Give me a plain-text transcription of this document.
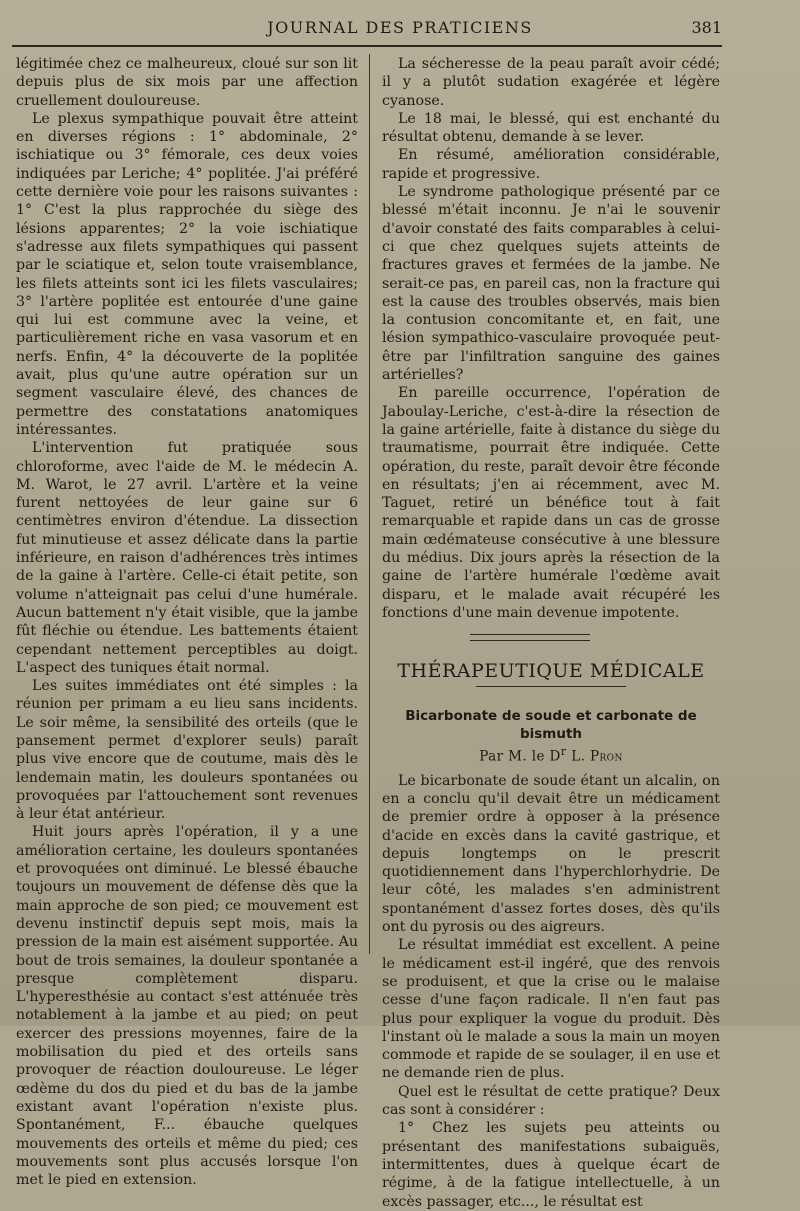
JOURNAL DES PRATICIENS	381

légitimée chez ce malheureux, cloué sur son lit depuis plus de six mois par une affection cruellement douloureuse.

Le plexus sympathique pouvait être atteint en diverses régions : 1° abdominale, 2° ischiatique ou 3° fémorale, ces deux voies indiquées par Leriche; 4° poplitée. J'ai préféré cette dernière voie pour les raisons suivantes : 1° C'est la plus rapprochée du siège des lésions apparentes; 2° la voie ischiatique s'adresse aux filets sympathiques qui passent par le sciatique et, selon toute vraisemblance, les filets atteints sont ici les filets vasculaires; 3° l'artère poplitée est entourée d'une gaine qui lui est commune avec la veine, et particulièrement riche en vasa vasorum et en nerfs. Enfin, 4° la découverte de la poplitée avait, plus qu'une autre opération sur un segment vasculaire élevé, des chances de permettre des constatations anatomiques intéressantes.

L'intervention fut pratiquée sous chloroforme, avec l'aide de M. le médecin A. M. Warot, le 27 avril. L'artère et la veine furent nettoyées de leur gaine sur 6 centimètres environ d'étendue. La dissection fut minutieuse et assez délicate dans la partie inférieure, en raison d'adhérences très intimes de la gaine à l'artère. Celle-ci était petite, son volume n'atteignait pas celui d'une humérale. Aucun battement n'y était visible, que la jambe fût fléchie ou étendue. Les battements étaient cependant nettement perceptibles au doigt. L'aspect des tuniques était normal.

Les suites immédiates ont été simples : la réunion per primam a eu lieu sans incidents. Le soir même, la sensibilité des orteils (que le pansement permet d'explorer seuls) paraît plus vive encore que de coutume, mais dès le lendemain matin, les douleurs spontanées ou provoquées par l'attouchement sont revenues à leur état antérieur.

Huit jours après l'opération, il y a une amélioration certaine, les douleurs spontanées et provoquées ont diminué. Le blessé ébauche toujours un mouvement de défense dès que la main approche de son pied; ce mouvement est devenu instinctif depuis sept mois, mais la pression de la main est aisément supportée. Au bout de trois semaines, la douleur spontanée a presque complètement disparu. L'hyperesthésie au contact s'est atténuée très notablement à la jambe et au pied; on peut exercer des pressions moyennes, faire de la mobilisation du pied et des orteils sans provoquer de réaction douloureuse. Le léger œdème du dos du pied et du bas de la jambe existant avant l'opération n'existe plus. Spontanément, F... ébauche quelques mouvements des orteils et même du pied; ces mouvements sont plus accusés lorsque l'on met le pied en extension.

La sécheresse de la peau paraît avoir cédé; il y a plutôt sudation exagérée et légère cyanose.

Le 18 mai, le blessé, qui est enchanté du résultat obtenu, demande à se lever.

En résumé, amélioration considérable, rapide et progressive.

Le syndrome pathologique présenté par ce blessé m'était inconnu. Je n'ai le souvenir d'avoir constaté des faits comparables à celui-ci que chez quelques sujets atteints de fractures graves et fermées de la jambe. Ne serait-ce pas, en pareil cas, non la fracture qui est la cause des troubles observés, mais bien la contusion concomitante et, en fait, une lésion sympathico-vasculaire provoquée peut-être par l'infiltration sanguine des gaines artérielles?

En pareille occurrence, l'opération de Jaboulay-Leriche, c'est-à-dire la résection de la gaine artérielle, faite à distance du siège du traumatisme, pourrait être indiquée. Cette opération, du reste, paraît devoir être féconde en résultats; j'en ai récemment, avec M. Taguet, retiré un bénéfice tout à fait remarquable et rapide dans un cas de grosse main œdémateuse consécutive à une blessure du médius. Dix jours après la résection de la gaine de l'artère humérale l'œdème avait disparu, et le malade avait récupéré les fonctions d'une main devenue impotente.

THÉRAPEUTIQUE MÉDICALE
Bicarbonate de soude et carbonate de bismuth
Par M. le $D^r$ L. Pron

Le bicarbonate de soude étant un alcalin, on en a conclu qu'il devait être un médicament de premier ordre à opposer à la présence d'acide en excès dans la cavité gastrique, et depuis longtemps on le prescrit quotidiennement dans l'hyperchlorhydrie. De leur côté, les malades s'en administrent spontanément d'assez fortes doses, dès qu'ils ont du pyrosis ou des aigreurs.

Le résultat immédiat est excellent. A peine le médicament est-il ingéré, que des renvois se produisent, et que la crise ou le malaise cesse d'une façon radicale. Il n'en faut pas plus pour expliquer la vogue du produit. Dès l'instant où le malade a sous la main un moyen commode et rapide de se soulager, il en use et ne demande rien de plus.

Quel est le résultat de cette pratique? Deux cas sont à considérer :

1° Chez les sujets peu atteints ou présentant des manifestations subaiguës, intermittentes, dues à quelque écart de régime, à de la fatigue intellectuelle, à un excès passager, etc..., le résultat est
